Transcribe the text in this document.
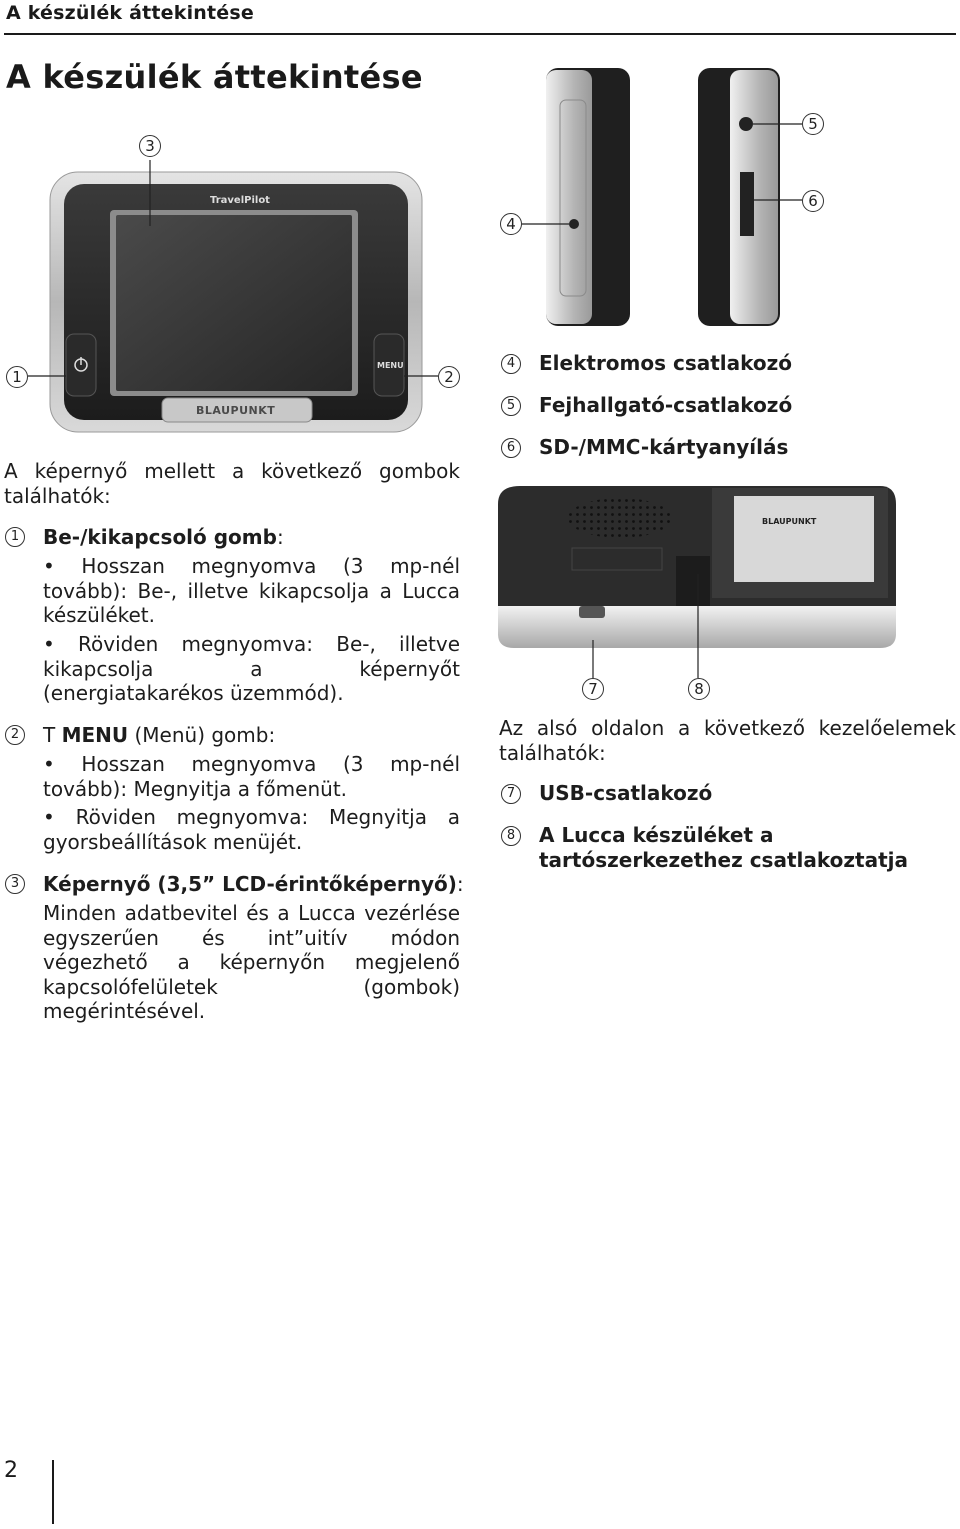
A készülék áttekintése
A készülék áttekintése
TravelPilot
BLAUPUNKT
MENU
3
1	2
4
5
6
4 Elektromos csatlakozó
5 Fejhallgató-csatlakozó
6 SD-/MMC-kártyanyílás
BLAUPUNKT
7	8
Az alsó oldalon a következő kezelőelemek találhatók:
7 USB-csatlakozó
8 A Lucca készüléket a tartószerkezethez csatlakoztatja
A képernyő mellett a következő gombok találhatók:
1 Be-/kikapcsoló gomb:
• Hosszan megnyomva (3 mp-nél tovább): Be-, illetve kikapcsolja a Lucca készüléket.
• Röviden megnyomva: Be-, illetve kikapcsolja a képernyőt (energiatakarékos üzemmód).
2 T MENU (Menü) gomb:
• Hosszan megnyomva (3 mp-nél tovább): Megnyitja a főmenüt.
• Röviden megnyomva: Megnyitja a gyorsbeállítások menüjét.
3 Képernyő (3,5” LCD-érintőképernyő):
Minden adatbevitel és a Lucca vezérlése egyszerűen és int”uitív módon végezhető a képernyőn megjelenő kapcsolófelületek (gombok) megérintésével.
2
